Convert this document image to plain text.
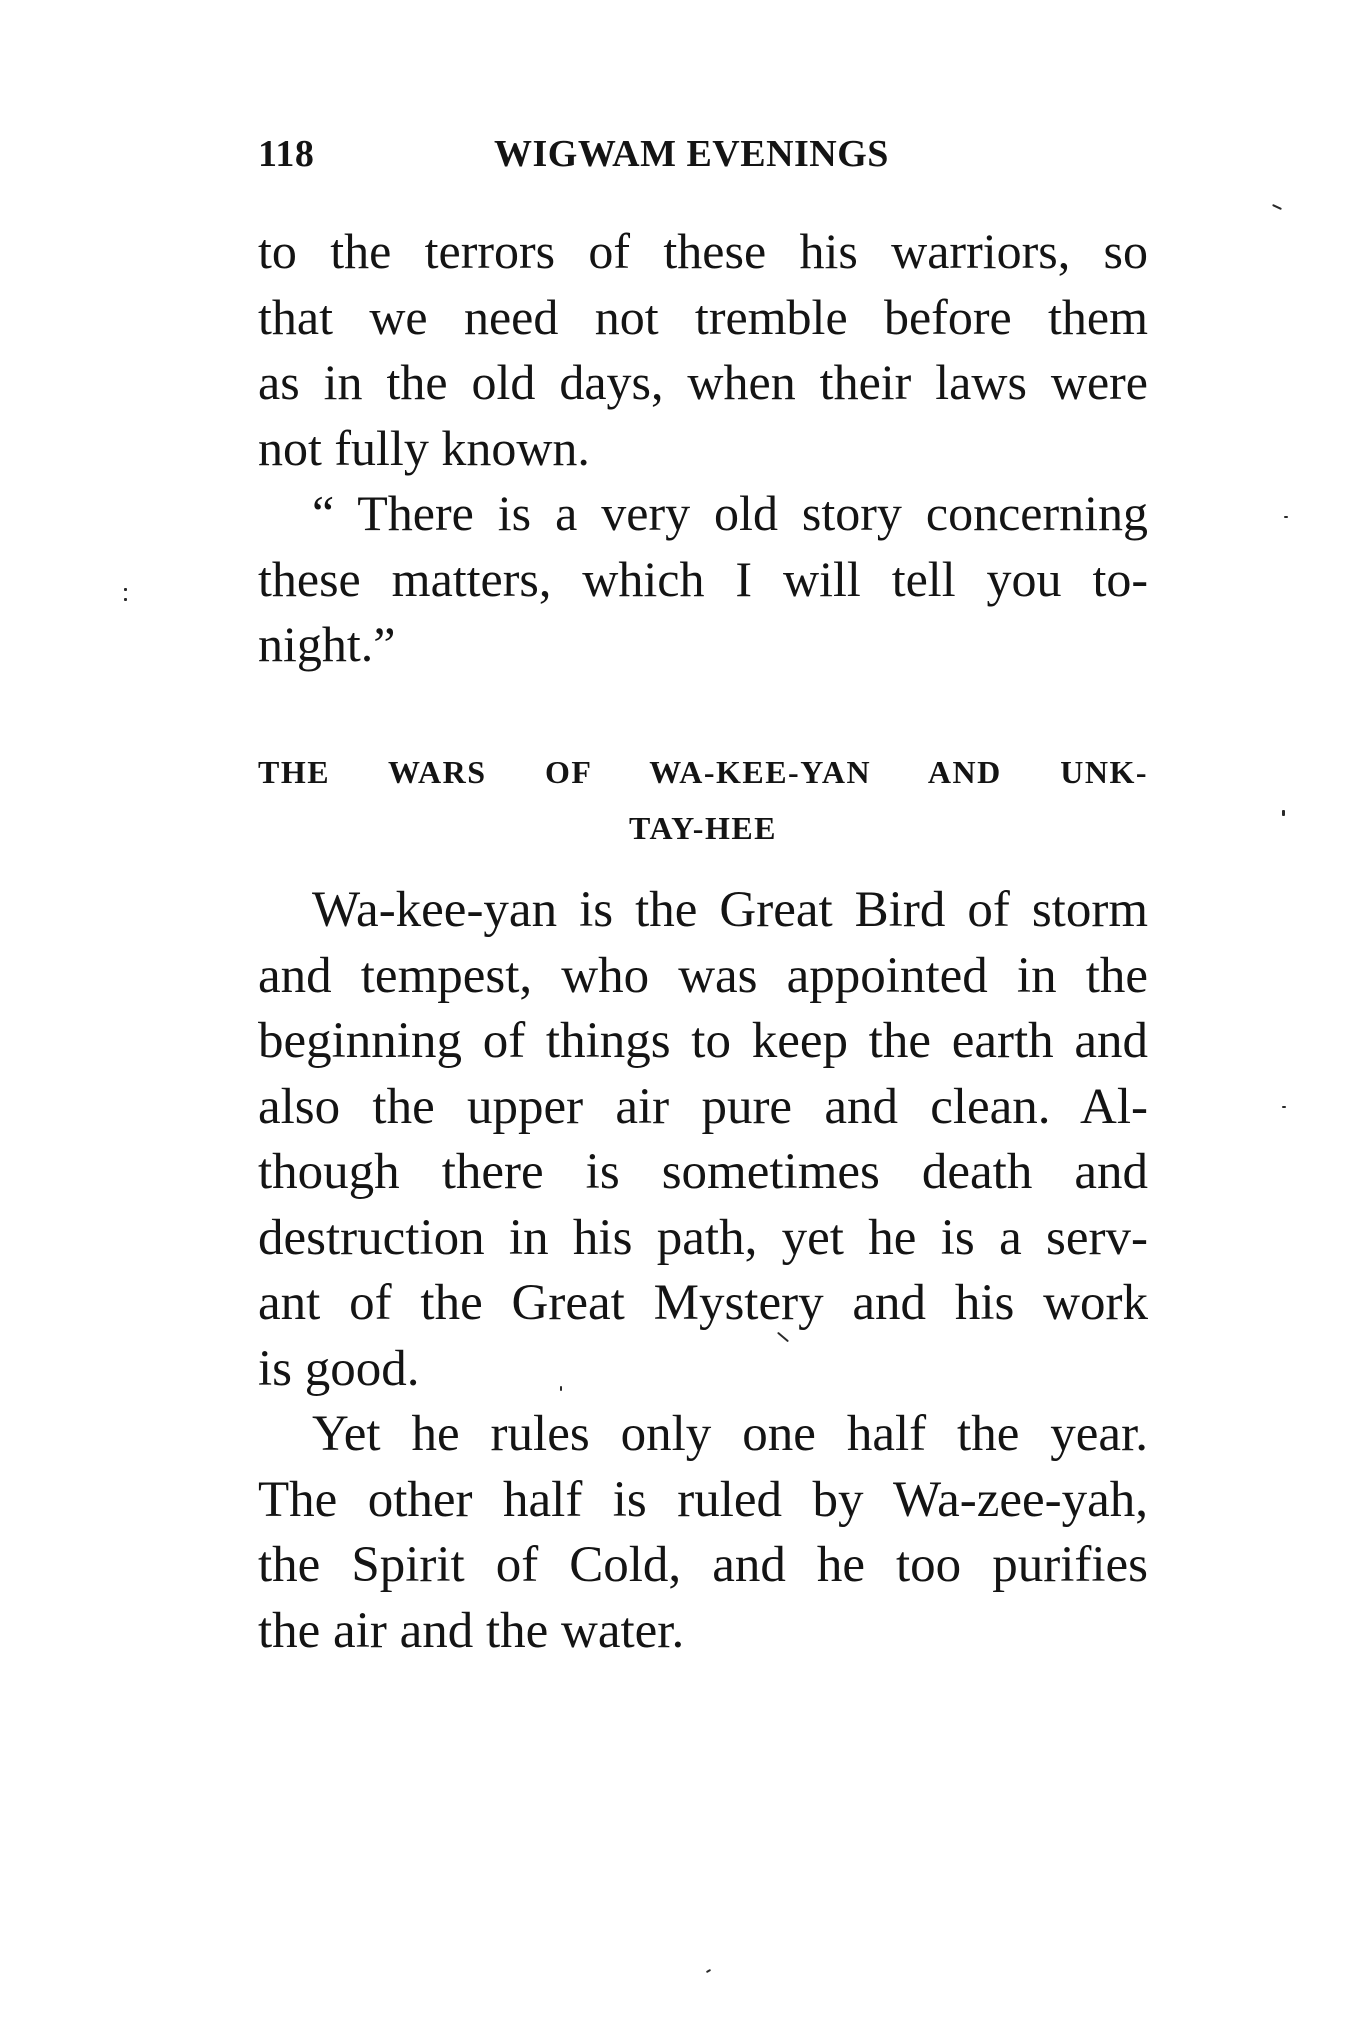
118	WIGWAM EVENINGS
to the terrors of these his warriors, so
that we need not tremble before them
as in the old days, when their laws were
not fully known.
“ There is a very old story concerning
these matters, which I will tell you to-
night.”
THE WARS OF WA-KEE-YAN AND UNK-
TAY-HEE
Wa-kee-yan is the Great Bird of storm
and tempest, who was appointed in the
beginning of things to keep the earth and
also the upper air pure and clean. Al-
though there is sometimes death and
destruction in his path, yet he is a serv-
ant of the Great Mystery and his work
is good.
Yet he rules only one half the year.
The other half is ruled by Wa-zee-yah,
the Spirit of Cold, and he too purifies
the air and the water.
